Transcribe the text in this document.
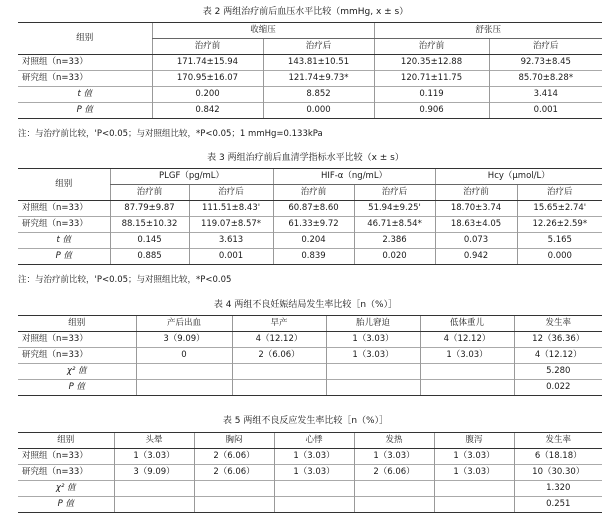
表 2 两组治疗前后血压水平比较（mmHg, x ± s）
组别	收缩压		舒张压	
	治疗前	治疗后	治疗前	治疗后
对照组（n=33）	171.74±15.94	143.81±10.51	120.35±12.88	92.73±8.45
研究组（n=33）	170.95±16.07	121.74±9.73*	120.71±11.75	85.70±8.28*
t 值	0.200	8.852	0.119	3.414
P 值	0.842	0.000	0.906	0.001
注：与治疗前比较，'P<0.05；与对照组比较，*P<0.05；1 mmHg=0.133kPa
表 3 两组治疗前后血清学指标水平比较（x ± s）
组别	PLGF（pg/mL）		HIF-α（ng/mL）		Hcy（μmol/L）	
	治疗前	治疗后	治疗前	治疗后	治疗前	治疗后
对照组（n=33）	87.79±9.87	111.51±8.43'	60.87±8.60	51.94±9.25'	18.70±3.74	15.65±2.74'
研究组（n=33）	88.15±10.32	119.07±8.57*	61.33±9.72	46.71±8.54*	18.63±4.05	12.26±2.59*
t 值	0.145	3.613	0.204	2.386	0.073	5.165
P 值	0.885	0.001	0.839	0.020	0.942	0.000
注：与治疗前比较，'P<0.05；与对照组比较，*P<0.05
表 4 两组不良妊娠结局发生率比较［n（%）］
组别	产后出血	早产	胎儿窘迫	低体重儿	发生率
对照组（n=33）	3（9.09）	4（12.12）	1（3.03）	4（12.12）	12（36.36）
研究组（n=33）	0	2（6.06）	1（3.03）	1（3.03）	4（12.12）
χ² 值					5.280
P 值					0.022
表 5 两组不良反应发生率比较［n（%）］
组别	头晕	胸闷	心悸	发热	腹泻	发生率
对照组（n=33）	1（3.03）	2（6.06）	1（3.03）	1（3.03）	1（3.03）	6（18.18）
研究组（n=33）	3（9.09）	2（6.06）	1（3.03）	2（6.06）	1（3.03）	10（30.30）
χ² 值						1.320
P 值						0.251
